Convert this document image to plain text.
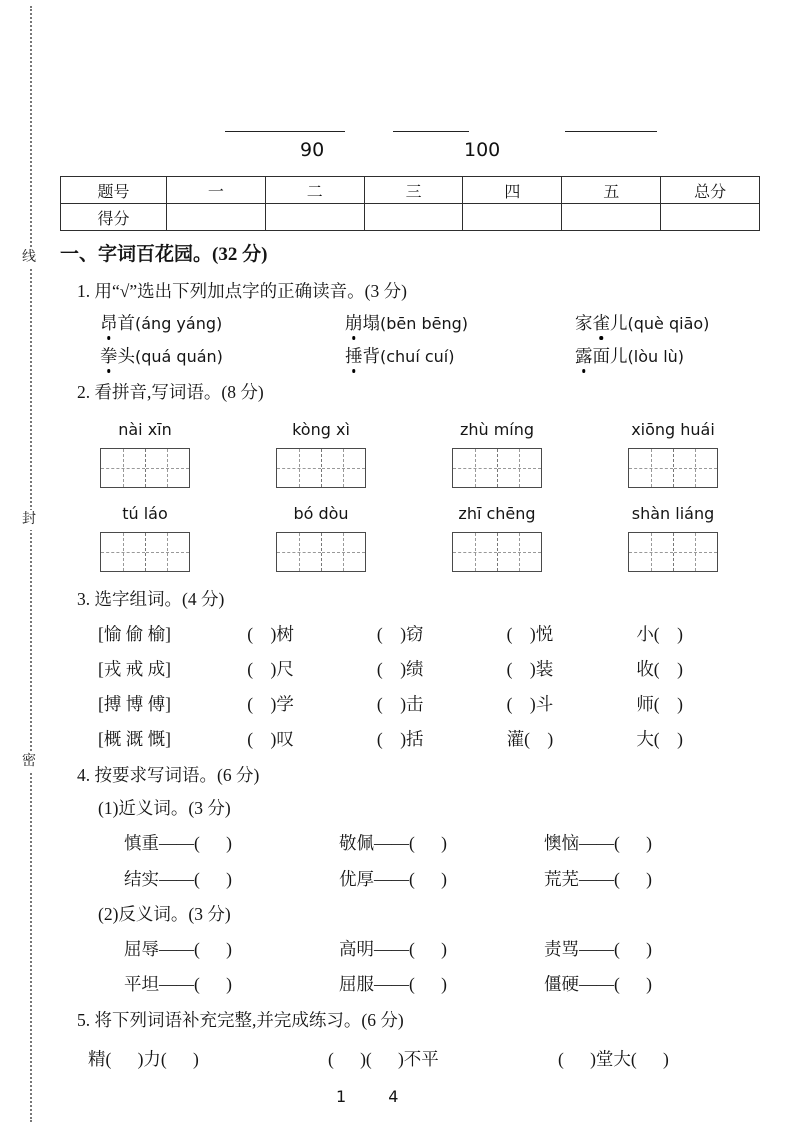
线
封
密
90	100
题号	一	二	三	四	五	总分
得分						
一、字词百花园。(32 分)
1. 用“√”选出下列加点字的正确读音。(3 分)
昂首(áng yáng)	崩塌(bēn bēng)	家雀儿(què qiāo)
拳头(quá quán)	捶背(chuí cuí)	露面儿(lòu lù)
2. 看拼音,写词语。(8 分)
nài xīn	kòng xì	zhù míng	xiōng huái
tú láo	bó dòu	zhī chēng	shàn liáng
3. 选字组词。(4 分)
[愉 偷 榆]	(    )树	(    )窃	(    )悦	小(    )
[戎 戒 成]	(    )尺	(    )绩	(    )装	收(    )
[搏 博 傅]	(    )学	(    )击	(    )斗	师(    )
[概 溉 慨]	(    )叹	(    )括	灌(    )	大(    )
4. 按要求写词语。(6 分)
(1)近义词。(3 分)
慎重——(      )	敬佩——(      )	懊恼——(      )
结实——(      )	优厚——(      )	荒芜——(      )
(2)反义词。(3 分)
屈辱——(      )	高明——(      )	责骂——(      )
平坦——(      )	屈服——(      )	僵硬——(      )
5. 将下列词语补充完整,并完成练习。(6 分)
精(      )力(      )	(      )(      )不平	(      )堂大(      )
1	4
